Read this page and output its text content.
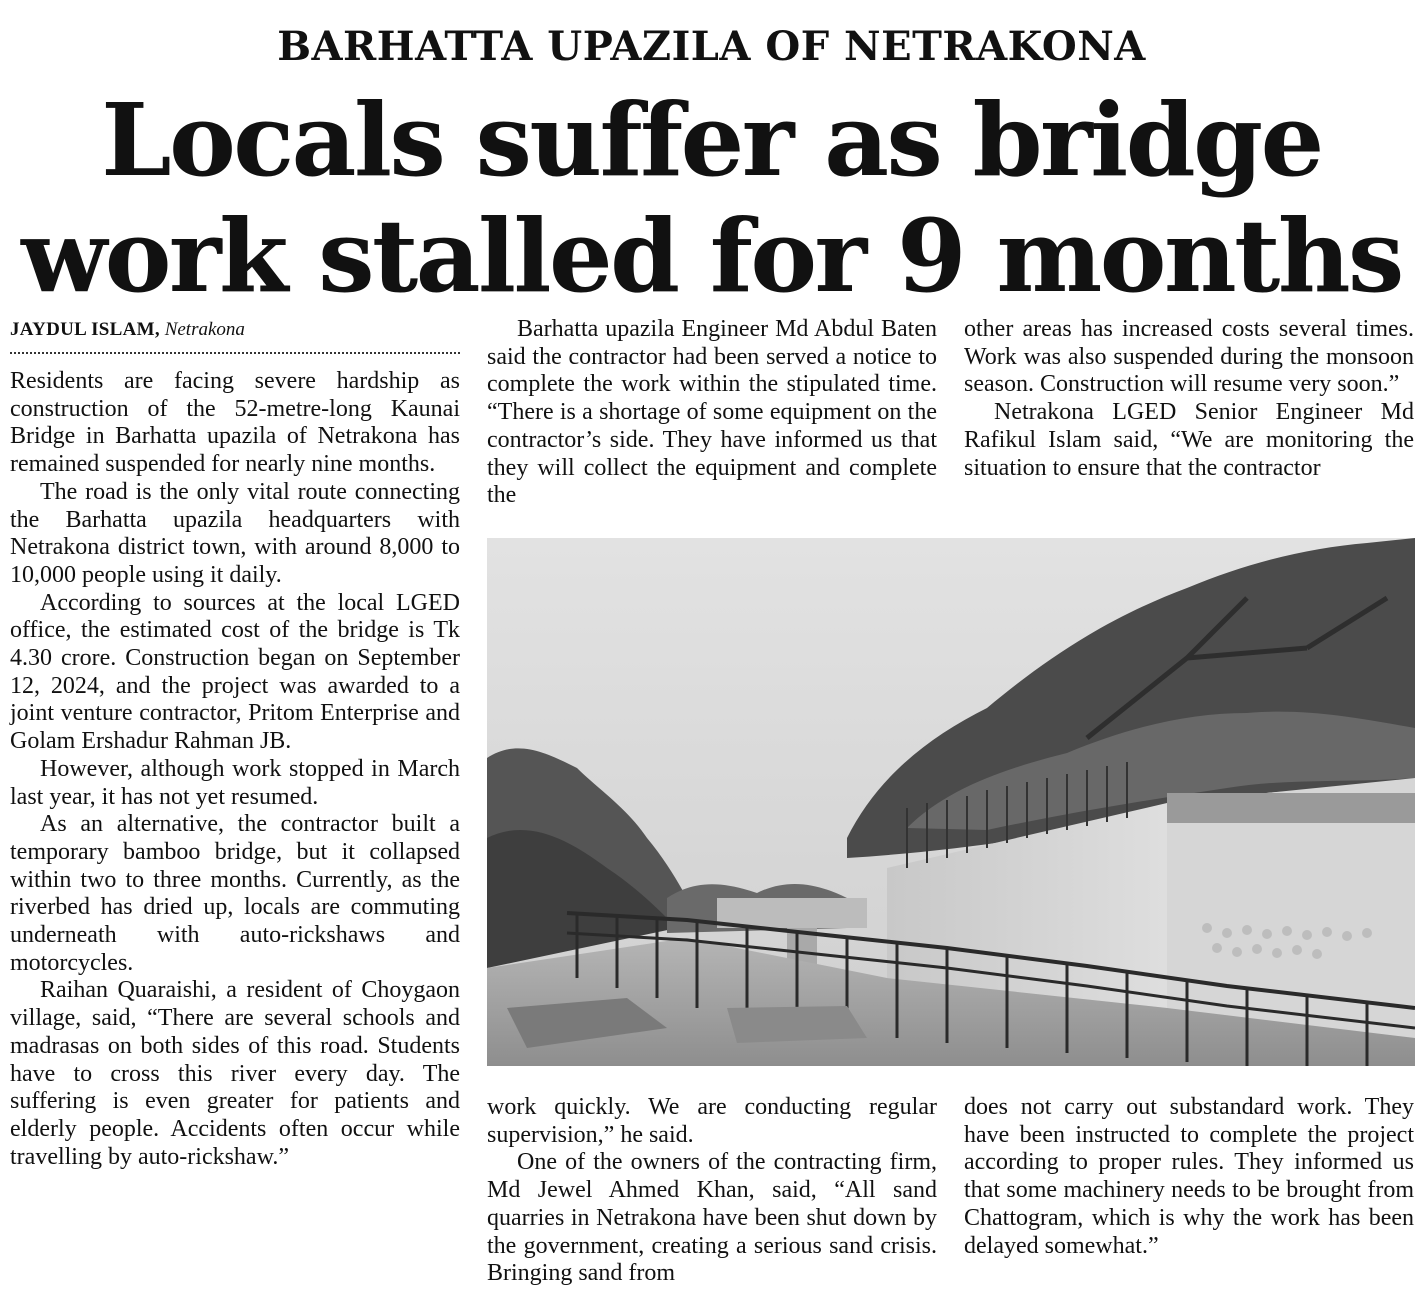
BARHATTA UPAZILA OF NETRAKONA
Locals suffer as bridge
work stalled for 9 months
JAYDUL ISLAM, Netrakona

Residents are facing severe hardship as construction of the 52-metre-long Kaunai Bridge in Barhatta upazila of Netrakona has remained suspended for nearly nine months.

The road is the only vital route connecting the Barhatta upazila headquarters with Netrakona district town, with around 8,000 to 10,000 people using it daily.

According to sources at the local LGED office, the estimated cost of the bridge is Tk 4.30 crore. Construction began on September 12, 2024, and the project was awarded to a joint venture contractor, Pritom Enterprise and Golam Ershadur Rahman JB.

However, although work stopped in March last year, it has not yet resumed.

As an alternative, the contractor built a temporary bamboo bridge, but it collapsed within two to three months. Currently, as the riverbed has dried up, locals are commuting underneath with auto-rickshaws and motorcycles.

Raihan Quaraishi, a resident of Choygaon village, said, “There are several schools and madrasas on both sides of this road. Students have to cross this river every day. The suffering is even greater for patients and elderly people. Accidents often occur while travelling by auto-rickshaw.”

Barhatta upazila Engineer Md Abdul Baten said the contractor had been served a notice to complete the work within the stipulated time. “There is a shortage of some equipment on the contractor’s side. They have informed us that they will collect the equipment and complete the

other areas has increased costs several times. Work was also suspended during the monsoon season. Construction will resume very soon.”

Netrakona LGED Senior Engineer Md Rafikul Islam said, “We are monitoring the situation to ensure that the contractor

work quickly. We are conducting regular supervision,” he said.

One of the owners of the contracting firm, Md Jewel Ahmed Khan, said, “All sand quarries in Netrakona have been shut down by the government, creating a serious sand crisis. Bringing sand from

does not carry out substandard work. They have been instructed to complete the project according to proper rules. They informed us that some machinery needs to be brought from Chattogram, which is why the work has been delayed somewhat.”
